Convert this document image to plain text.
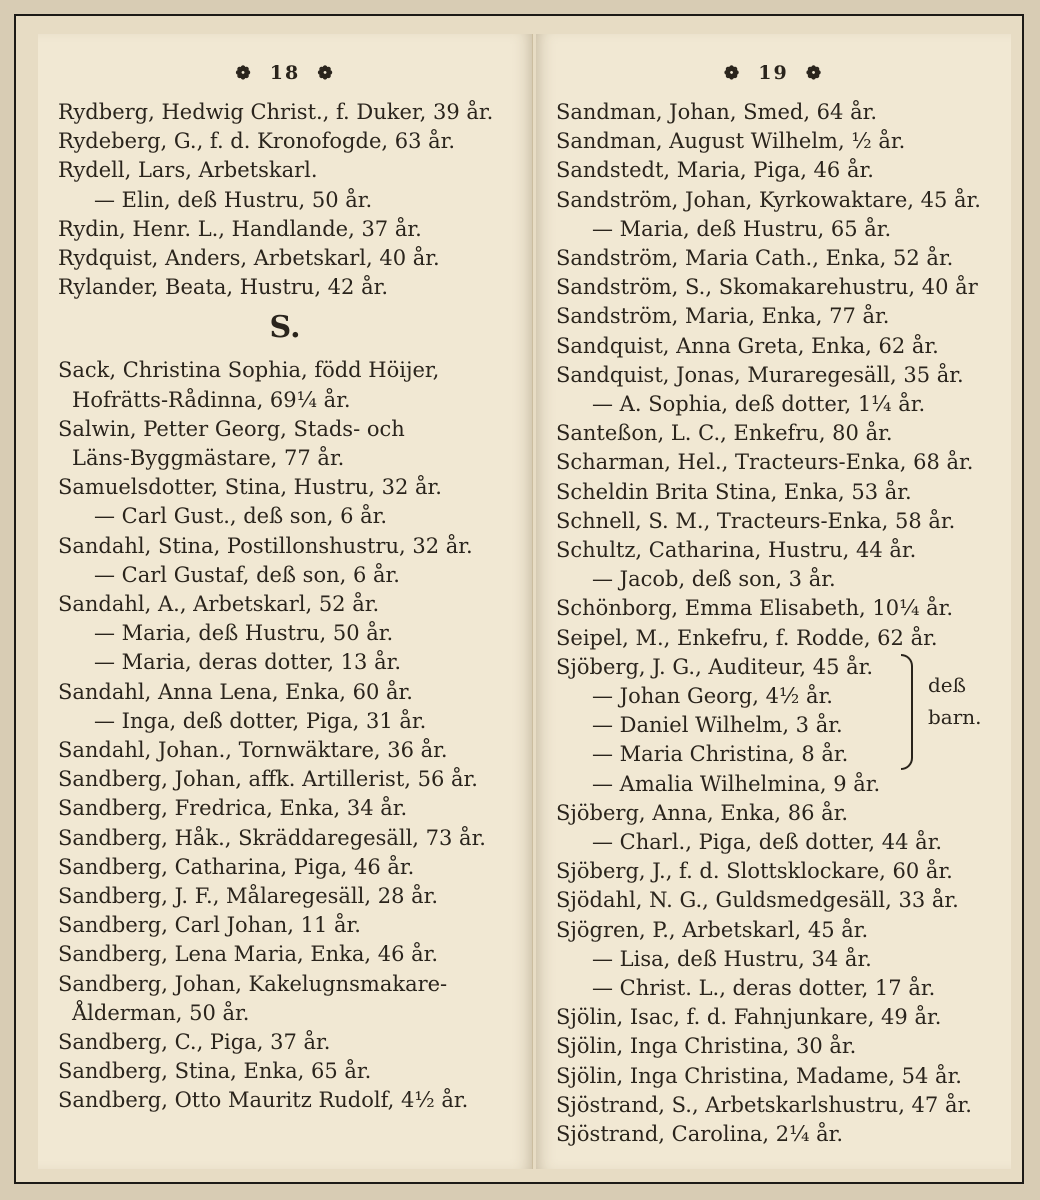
❁ 18 ❁
Rydberg, Hedwig Christ., f. Duker, 39 år.
Rydeberg, G., f. d. Kronofogde, 63 år.
Rydell, Lars, Arbetskarl.
— Elin, deß Hustru, 50 år.
Rydin, Henr. L., Handlande, 37 år.
Rydquist, Anders, Arbetskarl, 40 år.
Rylander, Beata, Hustru, 42 år.
S.
Sack, Christina Sophia, född Höijer,
Hofrätts-Rådinna, 69¼ år.
Salwin, Petter Georg, Stads- och
Läns-Byggmästare, 77 år.
Samuelsdotter, Stina, Hustru, 32 år.
— Carl Gust., deß son, 6 år.
Sandahl, Stina, Postillonshustru, 32 år.
— Carl Gustaf, deß son, 6 år.
Sandahl, A., Arbetskarl, 52 år.
— Maria, deß Hustru, 50 år.
— Maria, deras dotter, 13 år.
Sandahl, Anna Lena, Enka, 60 år.
— Inga, deß dotter, Piga, 31 år.
Sandahl, Johan., Tornwäktare, 36 år.
Sandberg, Johan, affk. Artillerist, 56 år.
Sandberg, Fredrica, Enka, 34 år.
Sandberg, Håk., Skräddaregesäll, 73 år.
Sandberg, Catharina, Piga, 46 år.
Sandberg, J. F., Målaregesäll, 28 år.
Sandberg, Carl Johan, 11 år.
Sandberg, Lena Maria, Enka, 46 år.
Sandberg, Johan, Kakelugnsmakare-
Ålderman, 50 år.
Sandberg, C., Piga, 37 år.
Sandberg, Stina, Enka, 65 år.
Sandberg, Otto Mauritz Rudolf, 4½ år.
❁ 19 ❁
Sandman, Johan, Smed, 64 år.
Sandman, August Wilhelm, ½ år.
Sandstedt, Maria, Piga, 46 år.
Sandström, Johan, Kyrkowaktare, 45 år.
— Maria, deß Hustru, 65 år.
Sandström, Maria Cath., Enka, 52 år.
Sandström, S., Skomakarehustru, 40 år
Sandström, Maria, Enka, 77 år.
Sandquist, Anna Greta, Enka, 62 år.
Sandquist, Jonas, Muraregesäll, 35 år.
— A. Sophia, deß dotter, 1¼ år.
Santeßon, L. C., Enkefru, 80 år.
Scharman, Hel., Tracteurs-Enka, 68 år.
Scheldin Brita Stina, Enka, 53 år.
Schnell, S. M., Tracteurs-Enka, 58 år.
Schultz, Catharina, Hustru, 44 år.
— Jacob, deß son, 3 år.
Schönborg, Emma Elisabeth, 10¼ år.
Seipel, M., Enkefru, f. Rodde, 62 år.
Sjöberg, J. G., Auditeur, 45 år.
— Johan Georg, 4½ år.
— Daniel Wilhelm, 3 år.
— Maria Christina, 8 år.
— Amalia Wilhelmina, 9 år.
Sjöberg, Anna, Enka, 86 år.
— Charl., Piga, deß dotter, 44 år.
Sjöberg, J., f. d. Slottsklockare, 60 år.
Sjödahl, N. G., Guldsmedgesäll, 33 år.
Sjögren, P., Arbetskarl, 45 år.
— Lisa, deß Hustru, 34 år.
— Christ. L., deras dotter, 17 år.
Sjölin, Isac, f. d. Fahnjunkare, 49 år.
Sjölin, Inga Christina, 30 år.
Sjölin, Inga Christina, Madame, 54 år.
Sjöstrand, S., Arbetskarlshustru, 47 år.
Sjöstrand, Carolina, 2¼ år.
deß
barn.
